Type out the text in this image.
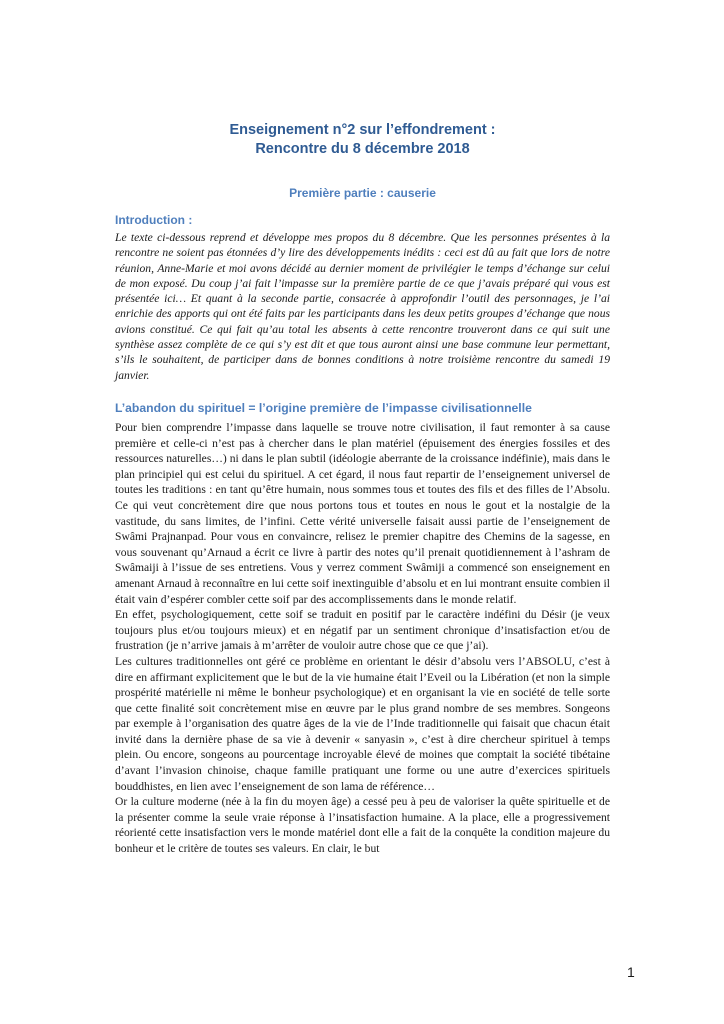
Enseignement n°2 sur l’effondrement :
Rencontre du 8 décembre 2018
Première partie : causerie
Introduction :
Le texte ci-dessous reprend et développe mes propos du 8 décembre. Que les personnes présentes à la rencontre ne soient pas étonnées d’y lire des développements inédits : ceci est dû au fait que lors de notre réunion, Anne-Marie et moi avons décidé au dernier moment de privilégier le temps d’échange sur celui de mon exposé. Du coup j’ai fait l’impasse sur la première partie de ce que j’avais préparé qui vous est présentée ici… Et quant à la seconde partie, consacrée à approfondir l’outil des personnages, je l’ai enrichie des apports qui ont été faits par les participants dans les deux petits groupes d’échange que nous avions constitué. Ce qui fait qu’au total les absents à cette rencontre trouveront dans ce qui suit une synthèse assez complète de ce qui s’y est dit et que tous auront ainsi une base commune leur permettant, s’ils le souhaitent, de participer dans de bonnes conditions à notre troisième rencontre du samedi 19 janvier.
L’abandon du spirituel = l’origine première de l’impasse civilisationnelle

Pour bien comprendre l’impasse dans laquelle se trouve notre civilisation, il faut remonter à sa cause première et celle-ci n’est pas à chercher dans le plan matériel (épuisement des énergies fossiles et des ressources naturelles…) ni dans le plan subtil (idéologie aberrante de la croissance indéfinie), mais dans le plan principiel qui est celui du spirituel. A cet égard, il nous faut repartir de l’enseignement universel de toutes les traditions : en tant qu’être humain, nous sommes tous et toutes des fils et des filles de l’Absolu. Ce qui veut concrètement dire que nous portons tous et toutes en nous le gout et la nostalgie de la vastitude, du sans limites, de l’infini. Cette vérité universelle faisait aussi partie de l’enseignement de Swâmi Prajnanpad. Pour vous en convaincre, relisez le premier chapitre des Chemins de la sagesse, en vous souvenant qu’Arnaud a écrit ce livre à partir des notes qu’il prenait quotidiennement à l’ashram de Swâmaiji à l’issue de ses entretiens. Vous y verrez comment Swâmiji a commencé son enseignement en amenant Arnaud à reconnaître en lui cette soif inextinguible d’absolu et en lui montrant ensuite combien il était vain d’espérer combler cette soif par des accomplissements dans le monde relatif.

En effet, psychologiquement, cette soif se traduit en positif par le caractère indéfini du Désir (je veux toujours plus et/ou toujours mieux) et en négatif par un sentiment chronique d’insatisfaction et/ou de frustration (je n’arrive jamais à m’arrêter de vouloir autre chose que ce que j’ai).

Les cultures traditionnelles ont géré ce problème en orientant le désir d’absolu vers l’ABSOLU, c’est à dire en affirmant explicitement que le but de la vie humaine était l’Eveil ou la Libération (et non la simple prospérité matérielle ni même le bonheur psychologique) et en organisant la vie en société de telle sorte que cette finalité soit concrètement mise en œuvre par le plus grand nombre de ses membres. Songeons par exemple à l’organisation des quatre âges de la vie de l’Inde traditionnelle qui faisait que chacun était invité dans la dernière phase de sa vie à devenir « sanyasin », c’est à dire chercheur spirituel à temps plein. Ou encore, songeons au pourcentage incroyable élevé de moines que comptait la société tibétaine d’avant l’invasion chinoise, chaque famille pratiquant une forme ou une autre d’exercices spirituels bouddhistes, en lien avec l’enseignement de son lama de référence…

Or la culture moderne (née à la fin du moyen âge) a cessé peu à peu de valoriser la quête spirituelle et de la présenter comme la seule vraie réponse à l’insatisfaction humaine. A la place, elle a progressivement réorienté cette insatisfaction vers le monde matériel dont elle a fait de la conquête la condition majeure du bonheur et le critère de toutes ses valeurs. En clair, le but

1
